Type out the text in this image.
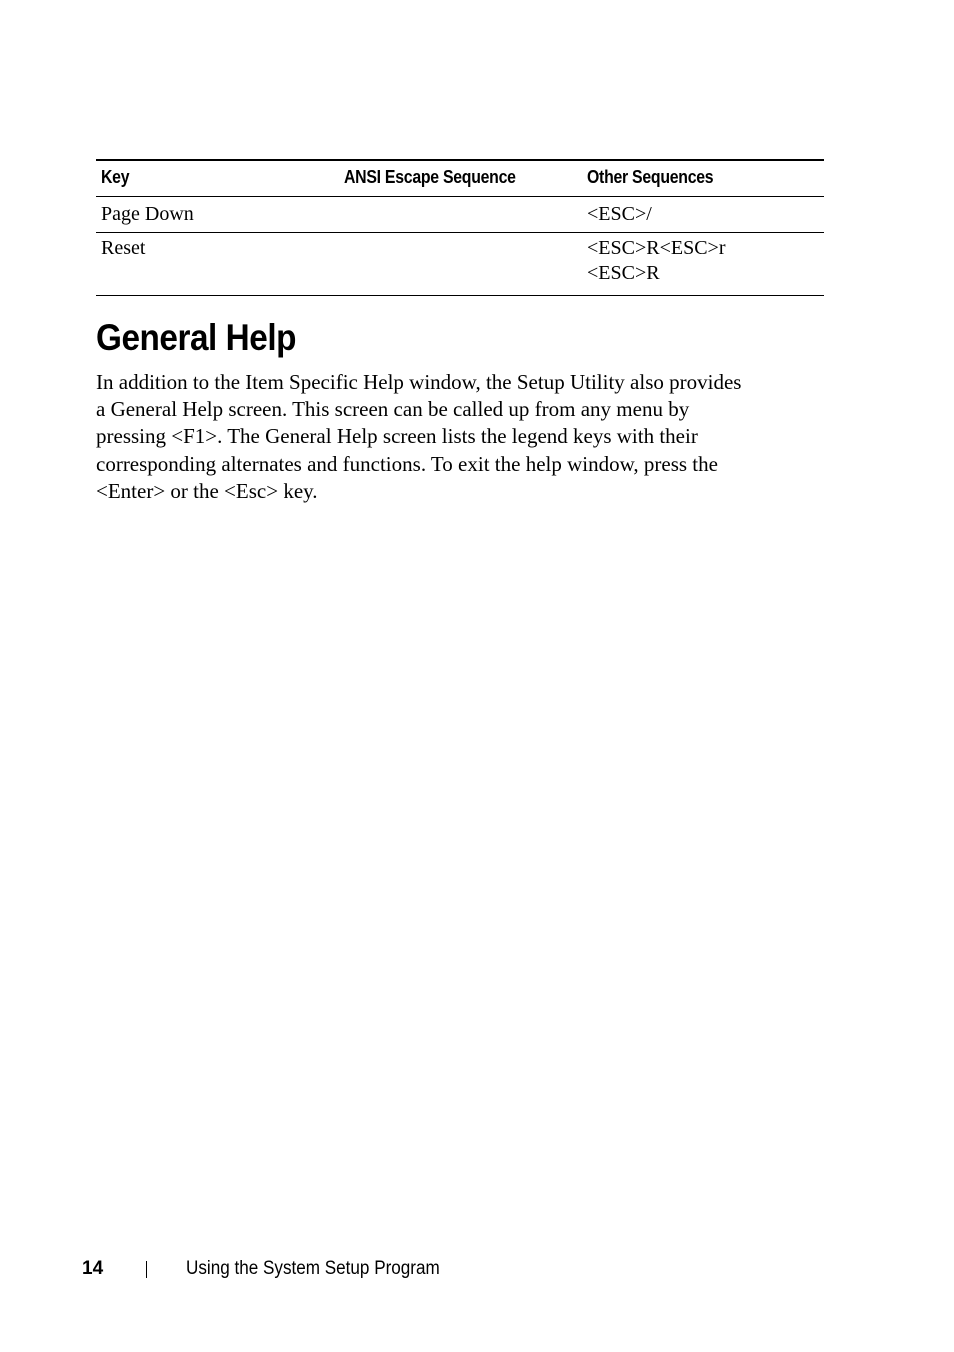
Key	ANSI Escape Sequence	Other Sequences
Page Down		<ESC>/

Reset		<ESC>R<ESC>r
<ESC>R
General Help

In addition to the Item Specific Help window, the Setup Utility also provides
a General Help screen. This screen can be called up from any menu by
pressing <F1>. The General Help screen lists the legend keys with their
corresponding alternates and functions. To exit the help window, press the
<Enter> or the <Esc> key.

14	Using the System Setup Program
